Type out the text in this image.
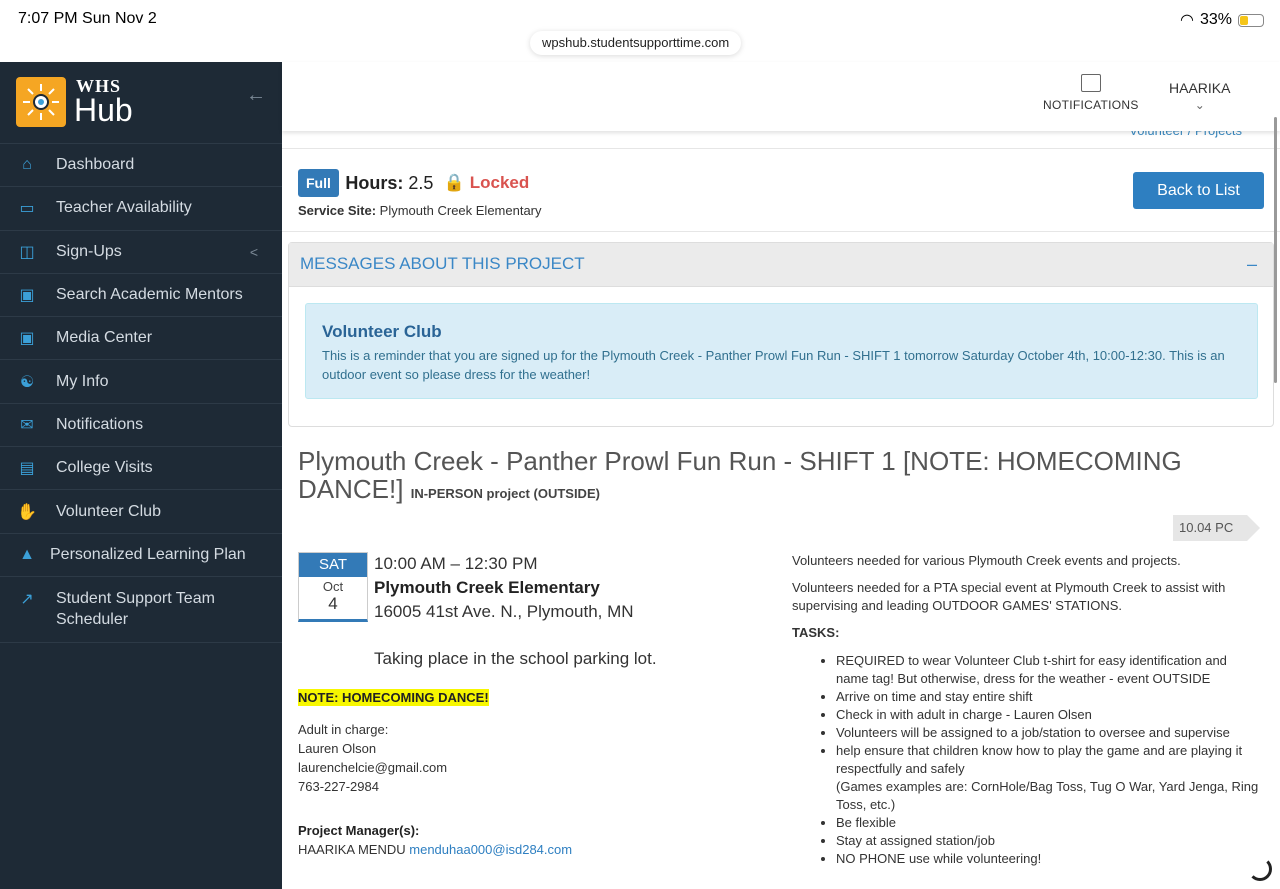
7:07 PM Sun Nov 2	◠ 33%
wpshub.studentsupporttime.com
WHS
Hub	←
⌂	Dashboard
▭ Teacher Availability
◫ Sign-Ups	<
▣ Search Academic Mentors
▣ Media Center
☯ My Info
✉ Notifications
▤ College Visits
✋ Volunteer Club
▲ Personalized Learning Plan
↗ Student Support Team Scheduler
NOTIFICATIONS
HAARIKA
⌄
Full Hours: 2.5 🔒 Locked
Service Site: Plymouth Creek Elementary
Back to List
MESSAGES ABOUT THIS PROJECT	–
Volunteer Club
This is a reminder that you are signed up for the Plymouth Creek - Panther Prowl Fun Run - SHIFT 1 tomorrow Saturday October 4th, 10:00-12:30. This is an outdoor event so please dress for the weather!
Plymouth Creek - Panther Prowl Fun Run - SHIFT 1 [NOTE: HOMECOMING DANCE!] IN-PERSON project (OUTSIDE)
10.04 PC
SAT
Oct
4
10:00 AM – 12:30 PM
Plymouth Creek Elementary
16005 41st Ave. N., Plymouth, MN
Taking place in the school parking lot.
NOTE: HOMECOMING DANCE!
Adult in charge:
Lauren Olson
laurenchelcie@gmail.com
763-227-2984
Project Manager(s):
HAARIKA MENDU menduhaa000@isd284.com

Volunteers needed for various Plymouth Creek events and projects.

Volunteers needed for a PTA special event at Plymouth Creek to assist with supervising and leading OUTDOOR GAMES' STATIONS.

TASKS:
• REQUIRED to wear Volunteer Club t-shirt for easy identification and name tag! But otherwise, dress for the weather - event OUTSIDE
• Arrive on time and stay entire shift
• Check in with adult in charge - Lauren Olsen
• Volunteers will be assigned to a job/station to oversee and supervise
• help ensure that children know how to play the game and are playing it respectfully and safely
(Games examples are: CornHole/Bag Toss, Tug O War, Yard Jenga, Ring Toss, etc.)
• Be flexible
• Stay at assigned station/job
• NO PHONE use while volunteering!
